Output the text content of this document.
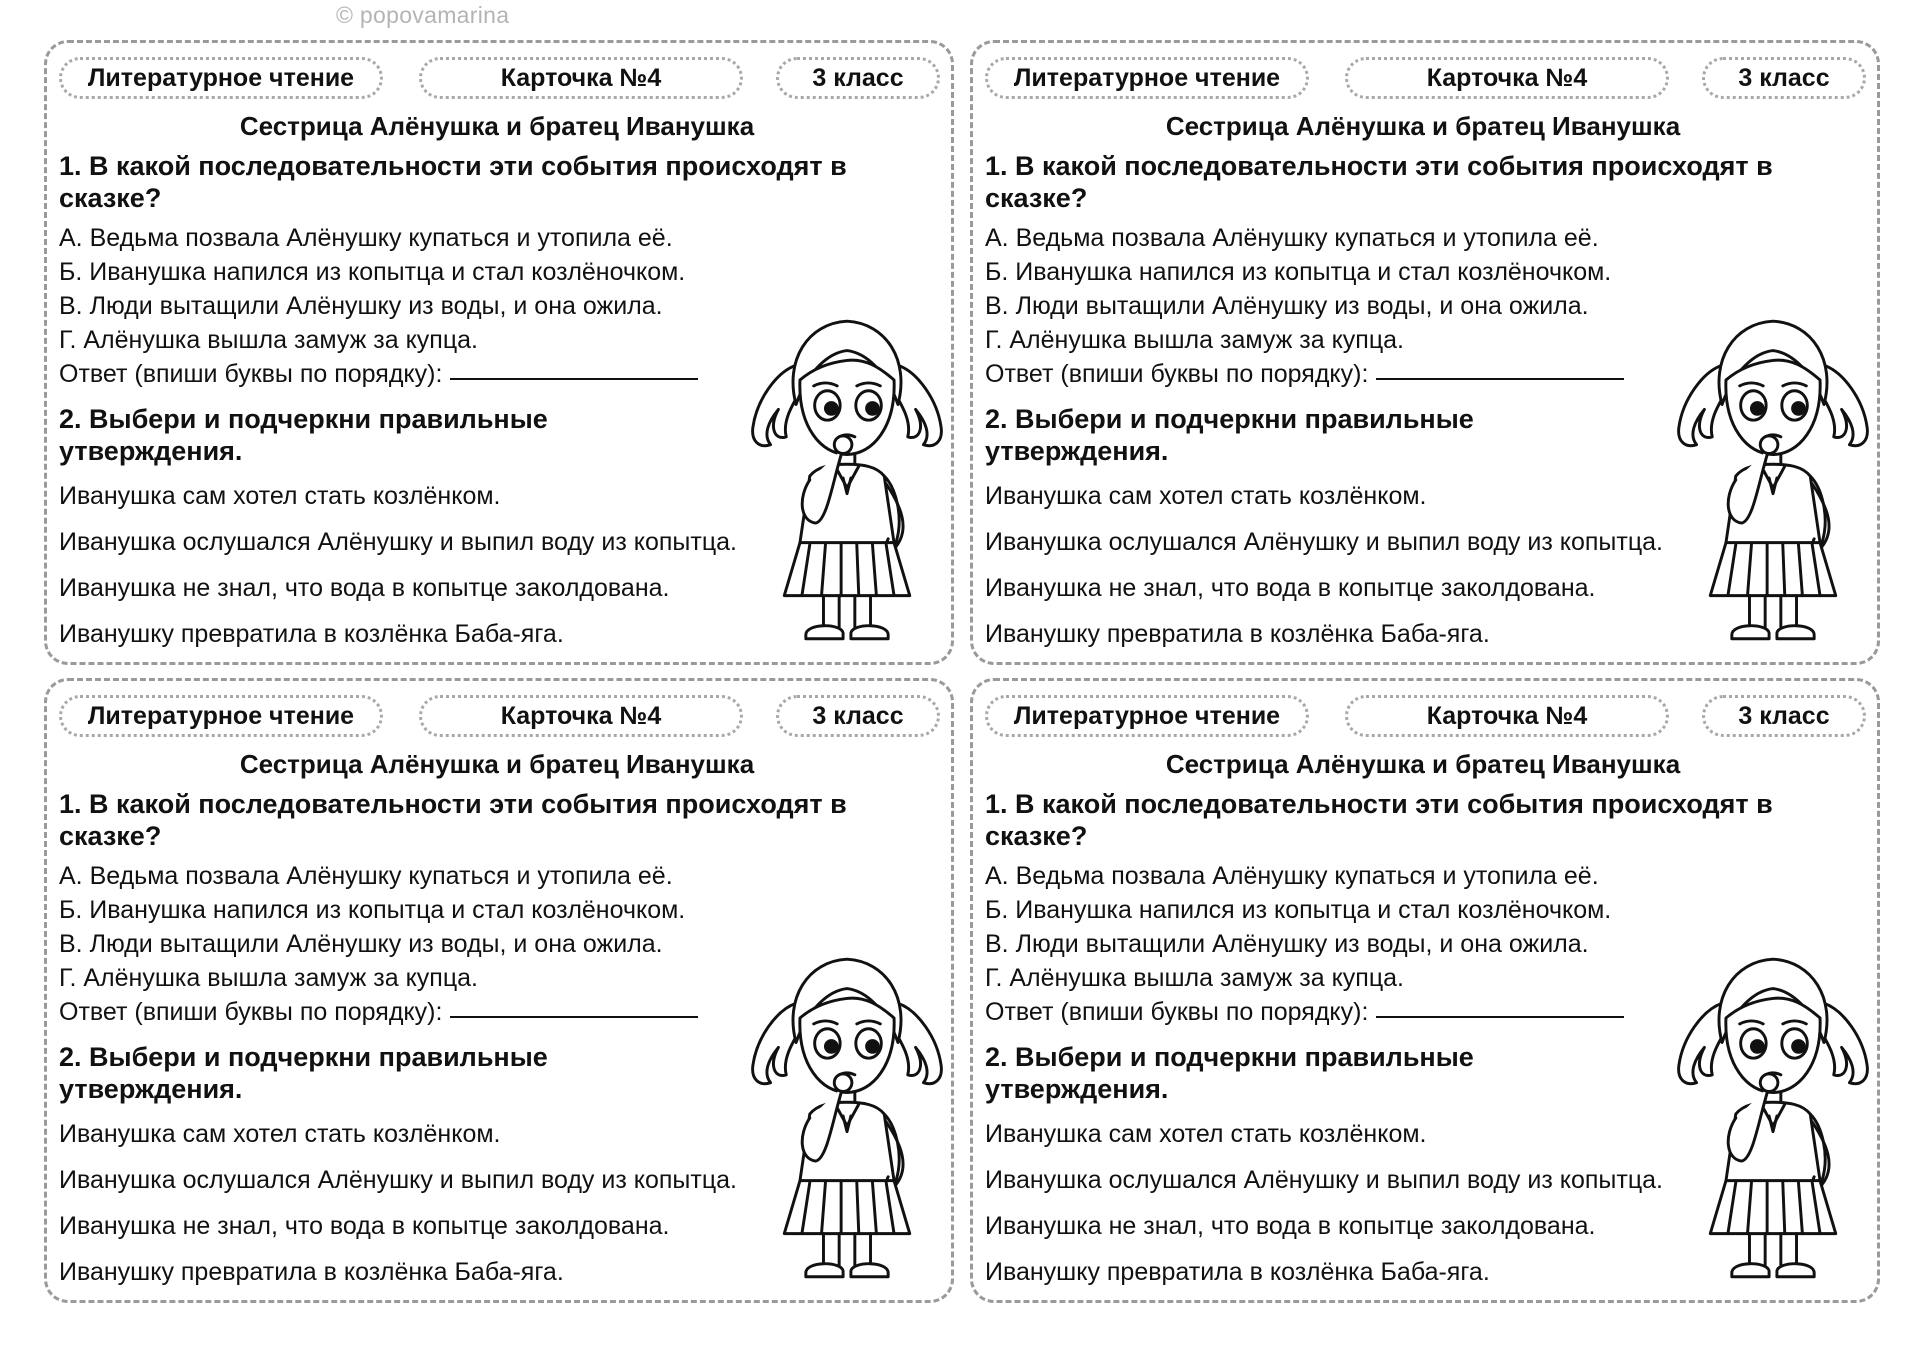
© popovamarina
Литературное чтение	Карточка №4	3 класс
Сестрица Алёнушка и братец Иванушка
1. В какой последовательности эти события происходят в сказке?
А. Ведьма позвала Алёнушку купаться и утопила её.
Б. Иванушка напился из копытца и стал козлёночком.
В. Люди вытащили Алёнушку из воды, и она ожила.
Г. Алёнушка вышла замуж за купца.
Ответ (впиши буквы по порядку):
2. Выбери и подчеркни правильные утверждения.
Иванушка сам хотел стать козлёнком.
Иванушка ослушался Алёнушку и выпил воду из копытца.
Иванушка не знал, что вода в копытце заколдована.
Иванушку превратила в козлёнка Баба-яга.
Литературное чтение	Карточка №4	3 класс
Сестрица Алёнушка и братец Иванушка
1. В какой последовательности эти события происходят в сказке?
А. Ведьма позвала Алёнушку купаться и утопила её.
Б. Иванушка напился из копытца и стал козлёночком.
В. Люди вытащили Алёнушку из воды, и она ожила.
Г. Алёнушка вышла замуж за купца.
Ответ (впиши буквы по порядку):
2. Выбери и подчеркни правильные утверждения.
Иванушка сам хотел стать козлёнком.
Иванушка ослушался Алёнушку и выпил воду из копытца.
Иванушка не знал, что вода в копытце заколдована.
Иванушку превратила в козлёнка Баба-яга.
Литературное чтение	Карточка №4	3 класс
Сестрица Алёнушка и братец Иванушка
1. В какой последовательности эти события происходят в сказке?
А. Ведьма позвала Алёнушку купаться и утопила её.
Б. Иванушка напился из копытца и стал козлёночком.
В. Люди вытащили Алёнушку из воды, и она ожила.
Г. Алёнушка вышла замуж за купца.
Ответ (впиши буквы по порядку):
2. Выбери и подчеркни правильные утверждения.
Иванушка сам хотел стать козлёнком.
Иванушка ослушался Алёнушку и выпил воду из копытца.
Иванушка не знал, что вода в копытце заколдована.
Иванушку превратила в козлёнка Баба-яга.
Литературное чтение	Карточка №4	3 класс
Сестрица Алёнушка и братец Иванушка
1. В какой последовательности эти события происходят в сказке?
А. Ведьма позвала Алёнушку купаться и утопила её.
Б. Иванушка напился из копытца и стал козлёночком.
В. Люди вытащили Алёнушку из воды, и она ожила.
Г. Алёнушка вышла замуж за купца.
Ответ (впиши буквы по порядку):
2. Выбери и подчеркни правильные утверждения.
Иванушка сам хотел стать козлёнком.
Иванушка ослушался Алёнушку и выпил воду из копытца.
Иванушка не знал, что вода в копытце заколдована.
Иванушку превратила в козлёнка Баба-яга.
